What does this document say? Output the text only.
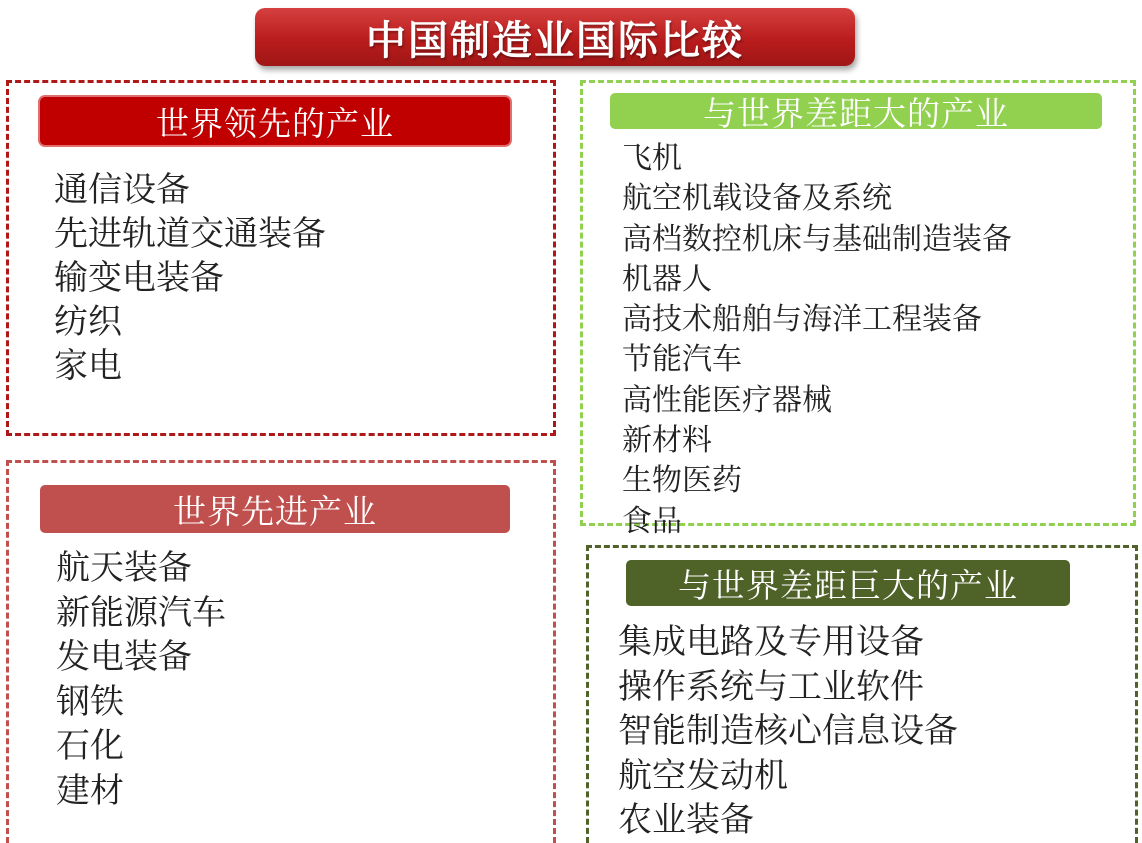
中国制造业国际比较
世界领先的产业
通信设备
先进轨道交通装备
输变电装备
纺织
家电
世界先进产业
航天装备
新能源汽车
发电装备
钢铁
石化
建材
与世界差距大的产业
飞机
航空机载设备及系统
高档数控机床与基础制造装备
机器人
高技术船舶与海洋工程装备
节能汽车
高性能医疗器械
新材料
生物医药
食品
与世界差距巨大的产业
集成电路及专用设备
操作系统与工业软件
智能制造核心信息设备
航空发动机
农业装备
